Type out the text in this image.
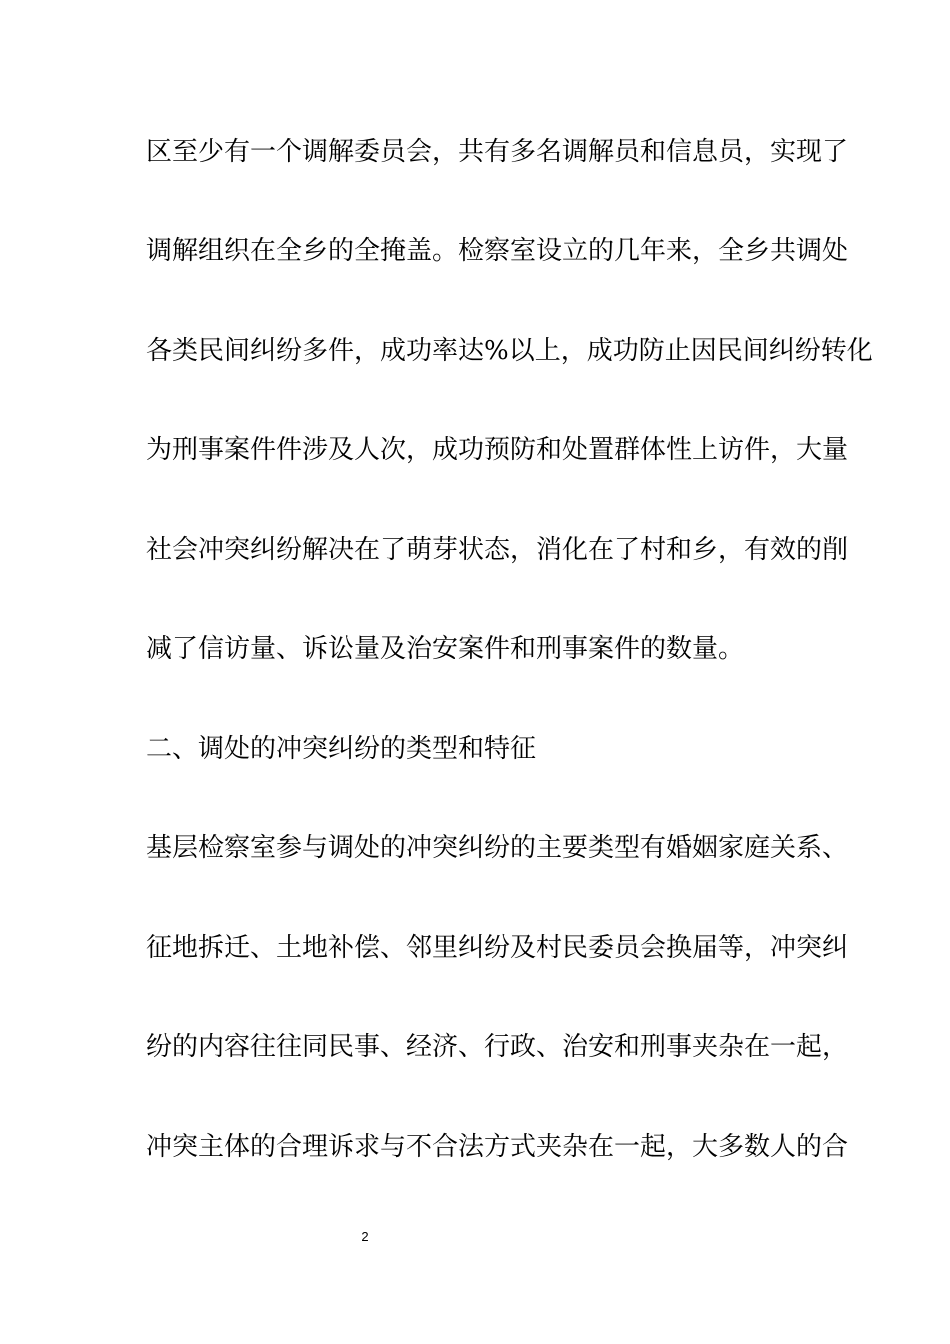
区至少有一个调解委员会，共有多名调解员和信息员，实现了
调解组织在全乡的全掩盖。检察室设立的几年来，全乡共调处
各类民间纠纷多件，成功率达%以上，成功防止因民间纠纷转化
为刑事案件件涉及人次，成功预防和处置群体性上访件，大量
社会冲突纠纷解决在了萌芽状态，消化在了村和乡，有效的削
减了信访量、诉讼量及治安案件和刑事案件的数量。
二、调处的冲突纠纷的类型和特征
基层检察室参与调处的冲突纠纷的主要类型有婚姻家庭关系、
征地拆迁、土地补偿、邻里纠纷及村民委员会换届等，冲突纠
纷的内容往往同民事、经济、行政、治安和刑事夹杂在一起，
冲突主体的合理诉求与不合法方式夹杂在一起，大多数人的合
2
